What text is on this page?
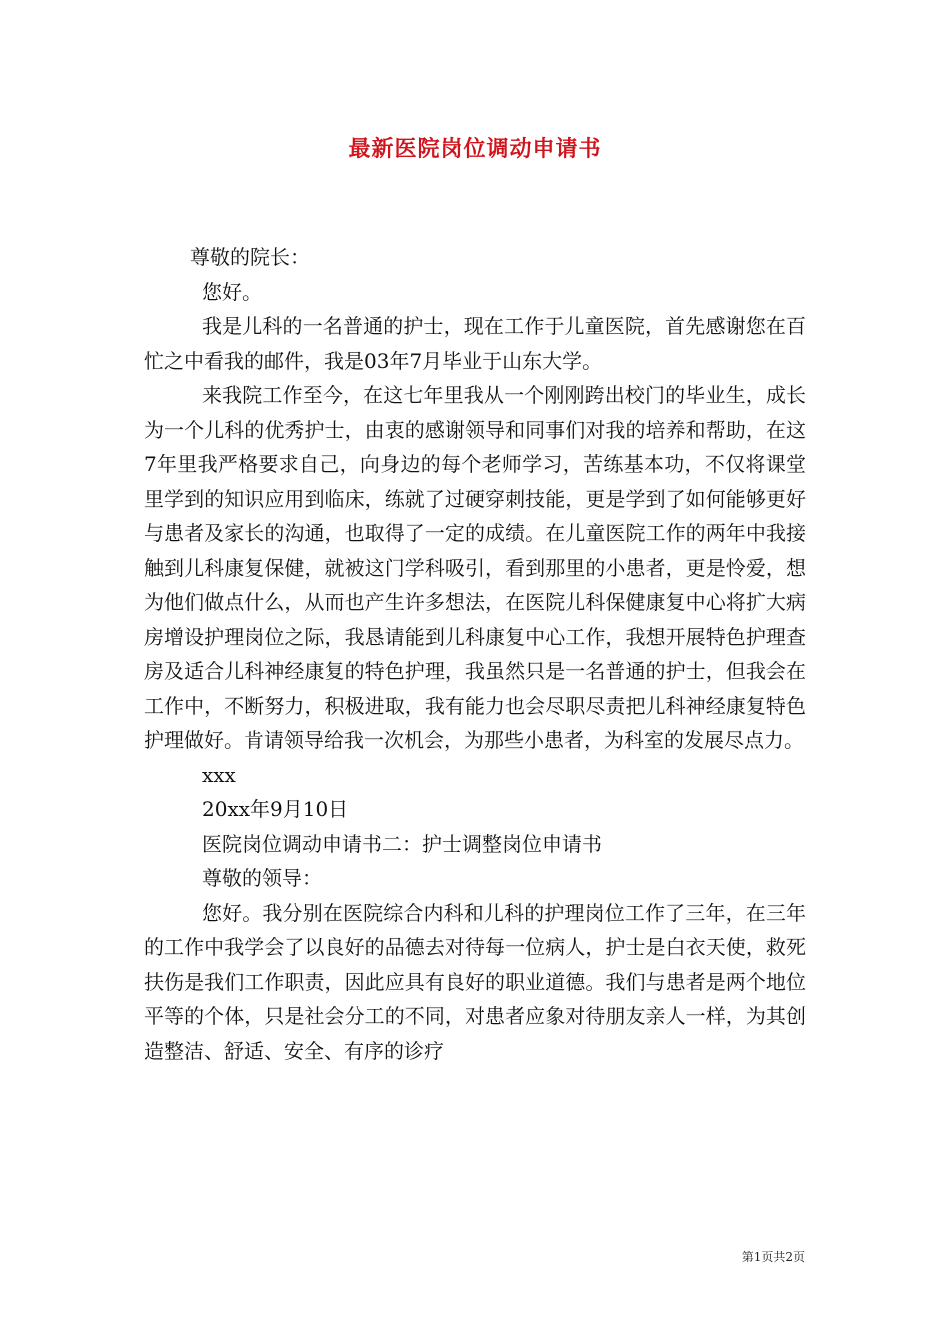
最新医院岗位调动申请书

尊敬的院长：

您好。

我是儿科的一名普通的护士，现在工作于儿童医院，首先感谢您在百忙之中看我的邮件，我是03年7月毕业于山东大学。

来我院工作至今，在这七年里我从一个刚刚跨出校门的毕业生，成长为一个儿科的优秀护士，由衷的感谢领导和同事们对我的培养和帮助，在这7年里我严格要求自己，向身边的每个老师学习，苦练基本功，不仅将课堂里学到的知识应用到临床，练就了过硬穿刺技能，更是学到了如何能够更好与患者及家长的沟通，也取得了一定的成绩。在儿童医院工作的两年中我接触到儿科康复保健，就被这门学科吸引，看到那里的小患者，更是怜爱，想为他们做点什么，从而也产生许多想法，在医院儿科保健康复中心将扩大病房增设护理岗位之际，我恳请能到儿科康复中心工作，我想开展特色护理查房及适合儿科神经康复的特色护理，我虽然只是一名普通的护士，但我会在工作中，不断努力，积极进取，我有能力也会尽职尽责把儿科神经康复特色护理做好。肯请领导给我一次机会，为那些小患者，为科室的发展尽点力。

xxx

20xx年9月10日

医院岗位调动申请书二：护士调整岗位申请书

尊敬的领导：

您好。我分别在医院综合内科和儿科的护理岗位工作了三年，在三年的工作中我学会了以良好的品德去对待每一位病人，护士是白衣天使，救死扶伤是我们工作职责，因此应具有良好的职业道德。我们与患者是两个地位平等的个体，只是社会分工的不同，对患者应象对待朋友亲人一样，为其创造整洁、舒适、安全、有序的诊疗

第1页共2页
